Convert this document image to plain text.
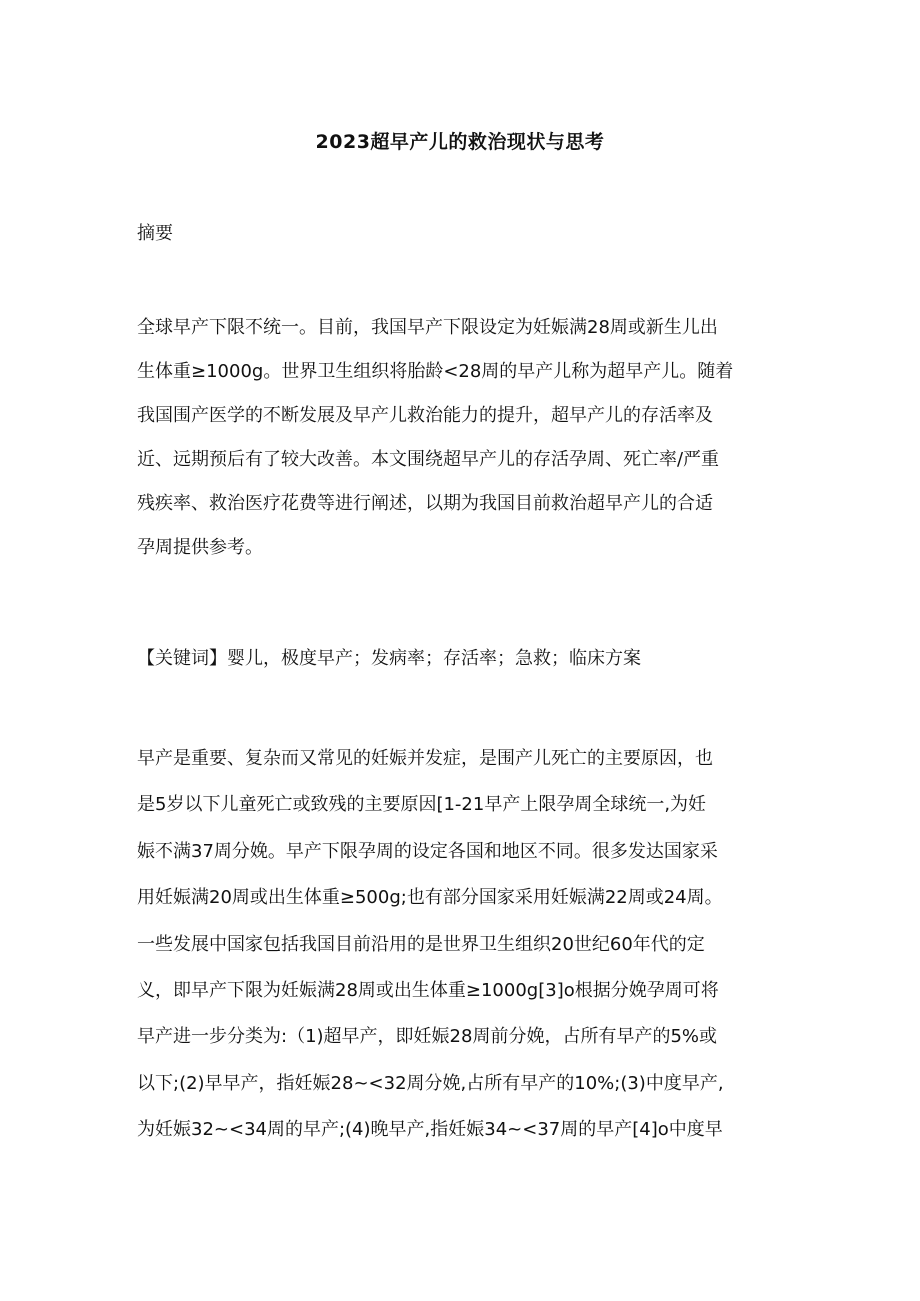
2023超早产儿的救治现状与思考
摘要
全球早产下限不统一。目前，我国早产下限设定为妊娠满28周或新生儿出
生体重≥1000g。世界卫生组织将胎龄<28周的早产儿称为超早产儿。随着
我国围产医学的不断发展及早产儿救治能力的提升，超早产儿的存活率及
近、远期预后有了较大改善。本文围绕超早产儿的存活孕周、死亡率/严重
残疾率、救治医疗花费等进行阐述，以期为我国目前救治超早产儿的合适
孕周提供参考。
【关键词】婴儿，极度早产；发病率；存活率；急救；临床方案
早产是重要、复杂而又常见的妊娠并发症，是围产儿死亡的主要原因，也
是5岁以下儿童死亡或致残的主要原因[1-21早产上限孕周全球统一,为妊
娠不满37周分娩。早产下限孕周的设定各国和地区不同。很多发达国家采
用妊娠满20周或出生体重≥500g;也有部分国家采用妊娠满22周或24周。
一些发展中国家包括我国目前沿用的是世界卫生组织20世纪60年代的定
义，即早产下限为妊娠满28周或出生体重≥1000g[3]o根据分娩孕周可将
早产进一步分类为:（1)超早产，即妊娠28周前分娩，占所有早产的5%或
以下;(2)早早产，指妊娠28~<32周分娩,占所有早产的10%;(3)中度早产,
为妊娠32~<34周的早产;(4)晚早产,指妊娠34~<37周的早产[4]o中度早
